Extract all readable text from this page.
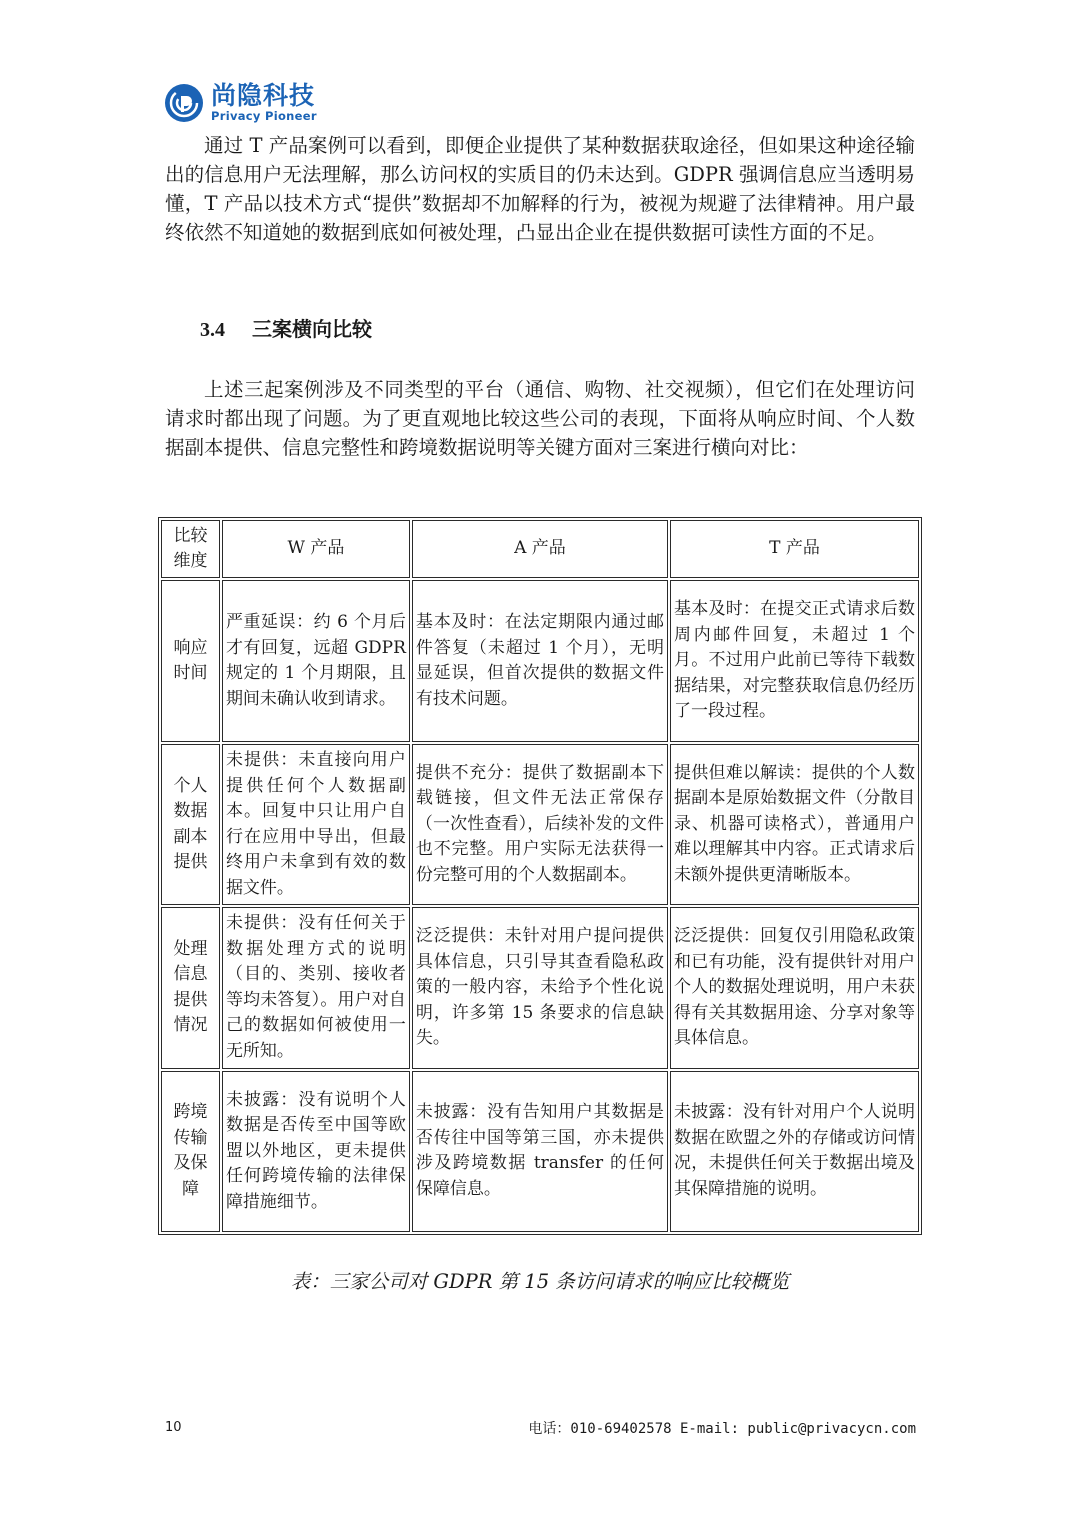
尚隐科技
Privacy Pioneer

通过 T 产品案例可以看到，即便企业提供了某种数据获取途径，但如果这种途径输出的信息用户无法理解，那么访问权的实质目的仍未达到。GDPR 强调信息应当透明易懂，T 产品以技术方式“提供”数据却不加解释的行为，被视为规避了法律精神。用户最终依然不知道她的数据到底如何被处理，凸显出企业在提供数据可读性方面的不足。

3.4 三案横向比较

上述三起案例涉及不同类型的平台（通信、购物、社交视频），但它们在处理访问请求时都出现了问题。为了更直观地比较这些公司的表现，下面将从响应时间、个人数据副本提供、信息完整性和跨境数据说明等关键方面对三案进行横向对比：

比较维度	W 产品	A 产品	T 产品
响应时间	严重延误：约 6 个月后才有回复，远超 GDPR 规定的 1 个月期限，且期间未确认收到请求。	基本及时：在法定期限内通过邮件答复（未超过 1 个月），无明显延误，但首次提供的数据文件有技术问题。	基本及时：在提交正式请求后数周内邮件回复，未超过 1 个月。不过用户此前已等待下载数据结果，对完整获取信息仍经历了一段过程。
个人数据副本提供	未提供：未直接向用户提供任何个人数据副本。回复中只让用户自行在应用中导出，但最终用户未拿到有效的数据文件。	提供不充分：提供了数据副本下载链接，但文件无法正常保存（一次性查看），后续补发的文件也不完整。用户实际无法获得一份完整可用的个人数据副本。	提供但难以解读：提供的个人数据副本是原始数据文件（分散目录、机器可读格式），普通用户难以理解其中内容。正式请求后未额外提供更清晰版本。
处理信息提供情况	未提供：没有任何关于数据处理方式的说明（目的、类别、接收者等均未答复）。用户对自己的数据如何被使用一无所知。	泛泛提供：未针对用户提问提供具体信息，只引导其查看隐私政策的一般内容，未给予个性化说明，许多第 15 条要求的信息缺失。	泛泛提供：回复仅引用隐私政策和已有功能，没有提供针对用户个人的数据处理说明，用户未获得有关其数据用途、分享对象等具体信息。
跨境传输及保障	未披露：没有说明个人数据是否传至中国等欧盟以外地区，更未提供任何跨境传输的法律保障措施细节。	未披露：没有告知用户其数据是否传往中国等第三国，亦未提供涉及跨境数据 transfer 的任何保障信息。	未披露：没有针对用户个人说明数据在欧盟之外的存储或访问情况，未提供任何关于数据出境及其保障措施的说明。

表：三家公司对 GDPR 第 15 条访问请求的响应比较概览

10	电话：010-69402578 E-mail: public@privacycn.com
